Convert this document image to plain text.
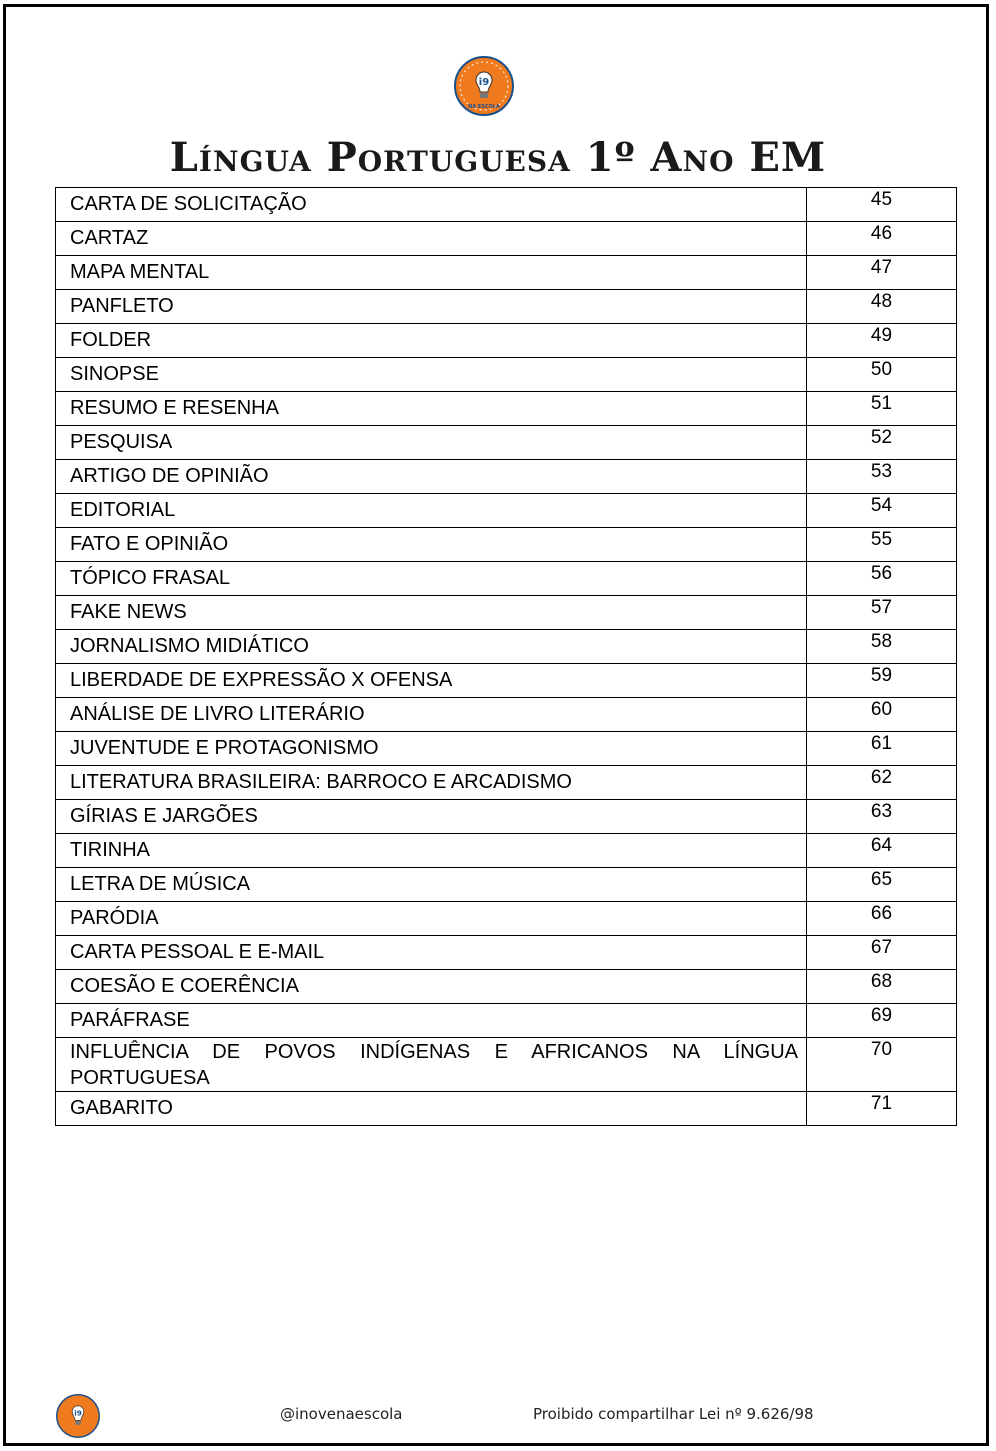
i9
NA ESCOLA
Língua Portuguesa 1º Ano EM
CARTA DE SOLICITAÇÃO	45
CARTAZ	46
MAPA MENTAL	47
PANFLETO	48
FOLDER	49
SINOPSE	50
RESUMO E RESENHA	51
PESQUISA	52
ARTIGO DE OPINIÃO	53
EDITORIAL	54
FATO E OPINIÃO	55
TÓPICO FRASAL	56
FAKE NEWS	57
JORNALISMO MIDIÁTICO	58
LIBERDADE DE EXPRESSÃO X OFENSA	59
ANÁLISE DE LIVRO LITERÁRIO	60
JUVENTUDE E PROTAGONISMO	61
LITERATURA BRASILEIRA: BARROCO E ARCADISMO	62
GÍRIAS E JARGÕES	63
TIRINHA	64
LETRA DE MÚSICA	65
PARÓDIA	66
CARTA PESSOAL E E-MAIL	67
COESÃO E COERÊNCIA	68
PARÁFRASE	69
INFLUÊNCIA DE POVOS INDÍGENAS E AFRICANOS NA LÍNGUA PORTUGUESA	70
GABARITO	71
i9	@inovenaescola	Proibido compartilhar Lei nº 9.626/98
